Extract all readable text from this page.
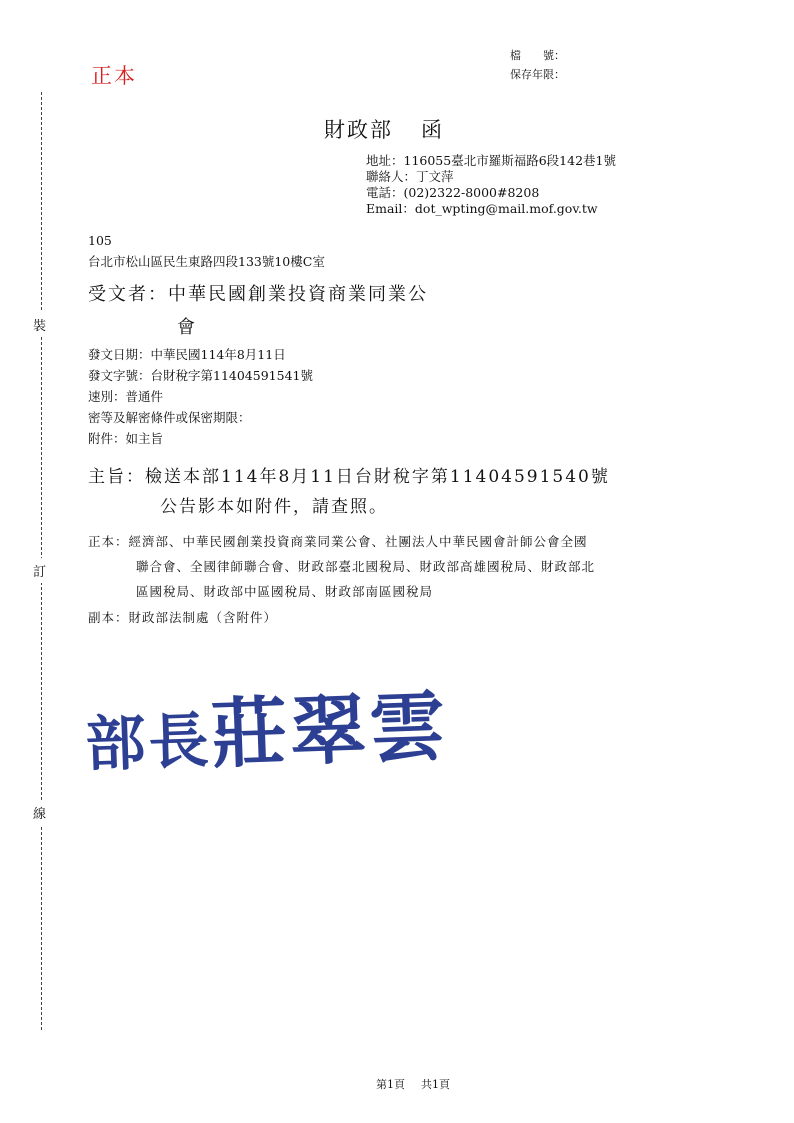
裝
訂
線
正本
檔　　號：
保存年限：
財政部 函
地址：116055臺北市羅斯福路6段142巷1號
聯絡人：丁文萍
電話：(02)2322-8000#8208
Email：dot_wpting@mail.mof.gov.tw
105
台北市松山區民生東路四段133號10樓C室
受文者：中華民國創業投資商業同業公
會
發文日期：中華民國114年8月11日
發文字號：台財稅字第11404591541號
速別：普通件
密等及解密條件或保密期限：
附件：如主旨
主旨：檢送本部114年8月11日台財稅字第11404591540號
公告影本如附件，請查照。
正本：經濟部、中華民國創業投資商業同業公會、社團法人中華民國會計師公會全國
聯合會、全國律師聯合會、財政部臺北國稅局、財政部高雄國稅局、財政部北
區國稅局、財政部中區國稅局、財政部南區國稅局
副本：財政部法制處（含附件）
部長莊翠雲
第1頁 共1頁
